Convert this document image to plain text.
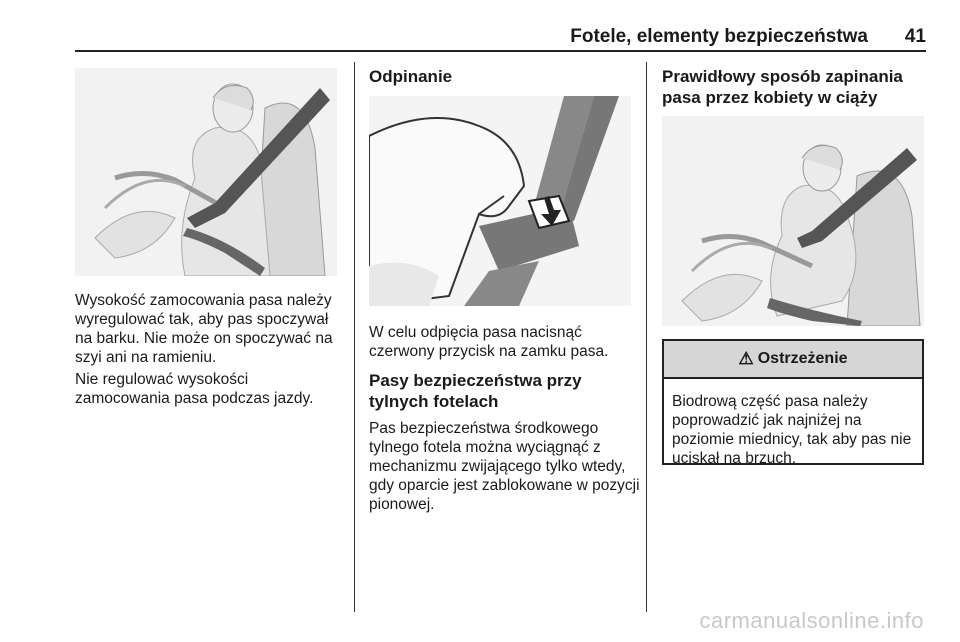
Fotele, elementy bezpieczeństwa 41

Wysokość zamocowania pasa należy wyregulować tak, aby pas spoczywał na barku. Nie może on spoczywać na szyi ani na ramieniu.

Nie regulować wysokości zamocowania pasa podczas jazdy.

Odpinanie

W celu odpięcia pasa nacisnąć czerwony przycisk na zamku pasa.

Pasy bezpieczeństwa przy tylnych fotelach

Pas bezpieczeństwa środkowego tylnego fotela można wyciągnąć z mechanizmu zwijającego tylko wtedy, gdy oparcie jest zablokowane w pozycji pionowej.

Prawidłowy sposób zapinania pasa przez kobiety w ciąży
⚠ Ostrzeżenie
Biodrową część pasa należy poprowadzić jak najniżej na poziomie miednicy, tak aby pas nie uciskał na brzuch.
carmanualsonline.info
